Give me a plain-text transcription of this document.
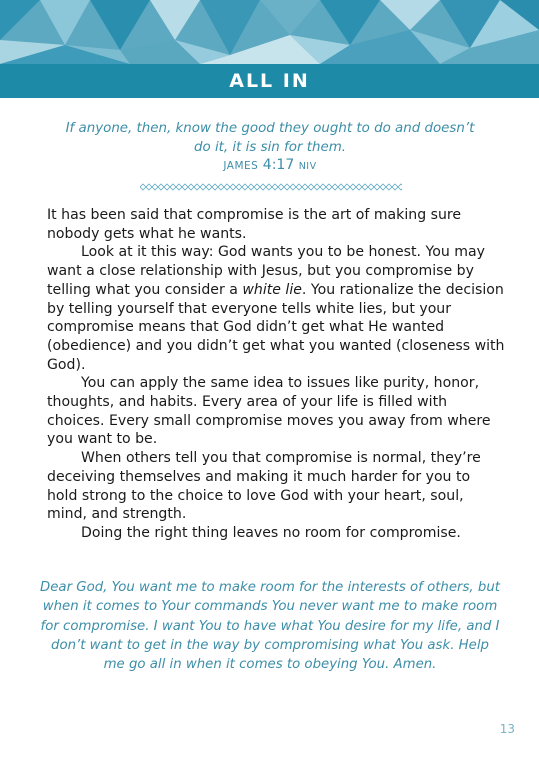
ALL IN
If anyone, then, know the good they ought to do and doesn’t do it, it is sin for them.
JAMES 4:17 NIV

It has been said that compromise is the art of making sure nobody gets what he wants.

Look at it this way: God wants you to be honest. You may want a close relationship with Jesus, but you compromise by telling what you consider a white lie. You rationalize the decision by telling yourself that everyone tells white lies, but your compromise means that God didn’t get what He wanted (obedience) and you didn’t get what you wanted (closeness with God).

You can apply the same idea to issues like purity, honor, thoughts, and habits. Every area of your life is filled with choices. Every small compromise moves you away from where you want to be.

When others tell you that compromise is normal, they’re deceiving themselves and making it much harder for you to hold strong to the choice to love God with your heart, soul, mind, and strength.

Doing the right thing leaves no room for compromise.

Dear God, You want me to make room for the interests of others, but when it comes to Your commands You never want me to make room for compromise. I want You to have what You desire for my life, and I don’t want to get in the way by compromising what You ask. Help me go all in when it comes to obeying You. Amen.
13
